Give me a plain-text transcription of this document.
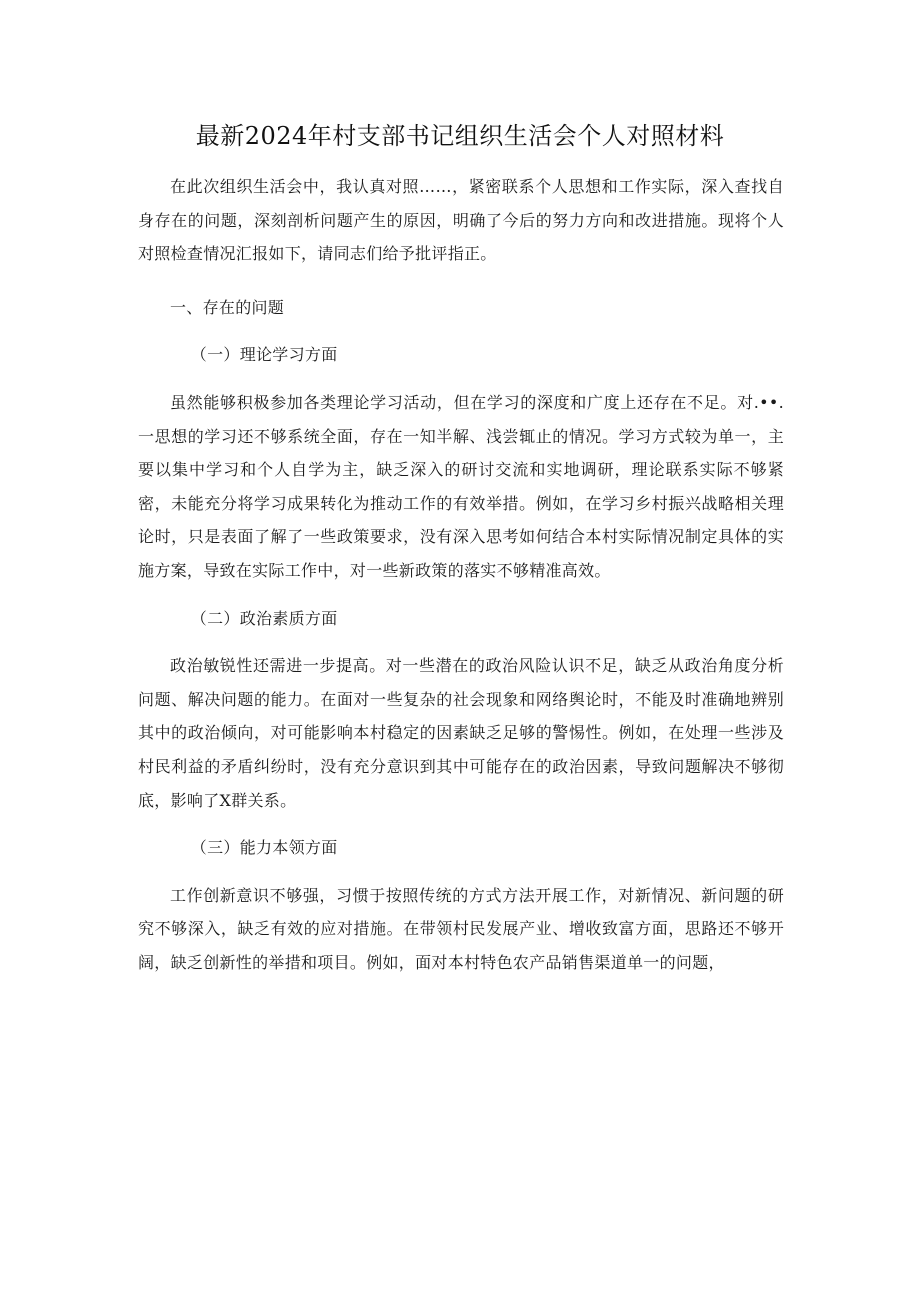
最新2024年村支部书记组织生活会个人对照材料

在此次组织生活会中，我认真对照……，紧密联系个人思想和工作实际，深入查找自身存在的问题，深刻剖析问题产生的原因，明确了今后的努力方向和改进措施。现将个人对照检查情况汇报如下，请同志们给予批评指正。

一、存在的问题

（一）理论学习方面

虽然能够积极参加各类理论学习活动，但在学习的深度和广度上还存在不足。对.••.一思想的学习还不够系统全面，存在一知半解、浅尝辄止的情况。学习方式较为单一，主要以集中学习和个人自学为主，缺乏深入的研讨交流和实地调研，理论联系实际不够紧密，未能充分将学习成果转化为推动工作的有效举措。例如，在学习乡村振兴战略相关理论时，只是表面了解了一些政策要求，没有深入思考如何结合本村实际情况制定具体的实施方案，导致在实际工作中，对一些新政策的落实不够精准高效。

（二）政治素质方面

政治敏锐性还需进一步提高。对一些潜在的政治风险认识不足，缺乏从政治角度分析问题、解决问题的能力。在面对一些复杂的社会现象和网络舆论时，不能及时准确地辨别其中的政治倾向，对可能影响本村稳定的因素缺乏足够的警惕性。例如，在处理一些涉及村民利益的矛盾纠纷时，没有充分意识到其中可能存在的政治因素，导致问题解决不够彻底，影响了X群关系。

（三）能力本领方面

工作创新意识不够强，习惯于按照传统的方式方法开展工作，对新情况、新问题的研究不够深入，缺乏有效的应对措施。在带领村民发展产业、增收致富方面，思路还不够开阔，缺乏创新性的举措和项目。例如，面对本村特色农产品销售渠道单一的问题，
